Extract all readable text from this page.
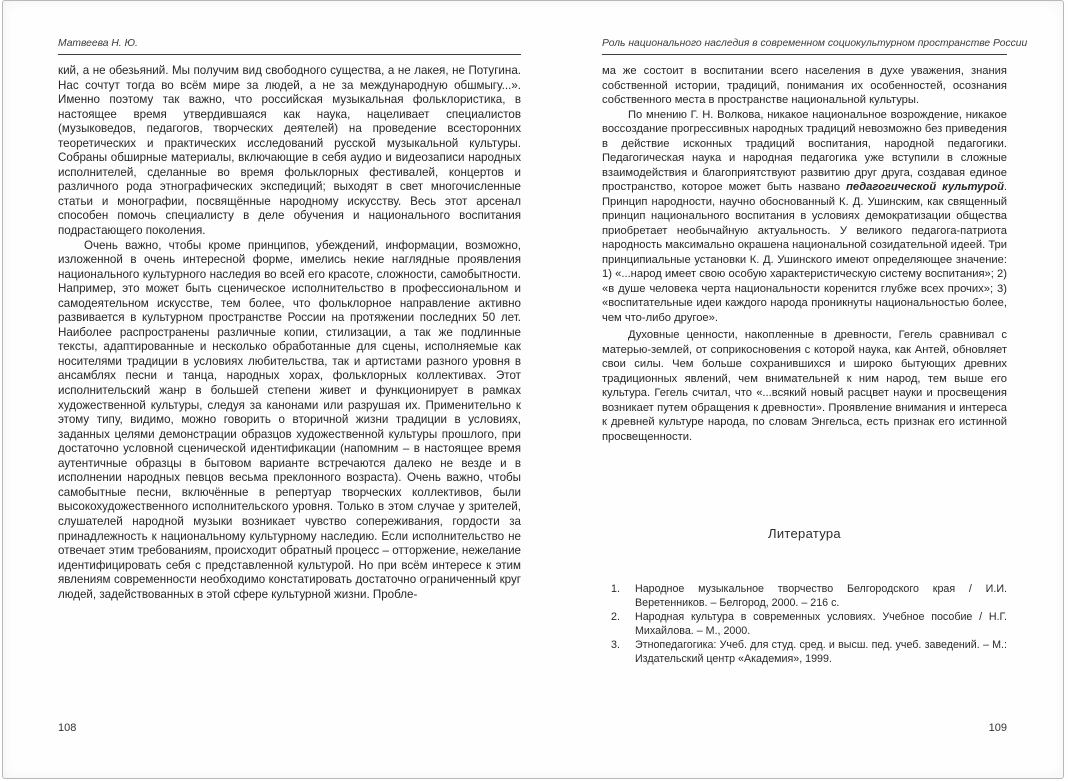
Матвеева Н. Ю.

кий, а не обезьяний. Мы получим вид свободного существа, а не лакея, не Потугина. Нас сочтут тогда во всём мире за людей, а не за международную обшмыгу...». Именно поэтому так важно, что российская музыкальная фольклористика, в настоящее время утвердившаяся как наука, нацеливает специалистов (музыковедов, педагогов, творческих деятелей) на проведение всесторонних теоретических и практических исследований русской музыкальной культуры. Собраны обширные материалы, включающие в себя аудио и видеозаписи народных исполнителей, сделанные во время фольклорных фестивалей, концертов и различного рода этнографических экспедиций; выходят в свет многочисленные статьи и монографии, посвящённые народному искусству. Весь этот арсенал способен помочь специалисту в деле обучения и национального воспитания подрастающего поколения.

Очень важно, чтобы кроме принципов, убеждений, информации, возможно, изложенной в очень интересной форме, имелись некие наглядные проявления национального культурного наследия во всей его красоте, сложности, самобытности. Например, это может быть сценическое исполнительство в профессиональном и самодеятельном искусстве, тем более, что фольклорное направление активно развивается в культурном пространстве России на протяжении последних 50 лет. Наиболее распространены различные копии, стилизации, а так же подлинные тексты, адаптированные и несколько обработанные для сцены, исполняемые как носителями традиции в условиях любительства, так и артистами разного уровня в ансамблях песни и танца, народных хорах, фольклорных коллективах. Этот исполнительский жанр в большей степени живет и функционирует в рамках художественной культуры, следуя за канонами или разрушая их. Применительно к этому типу, видимо, можно говорить о вторичной жизни традиции в условиях, заданных целями демонстрации образцов художественной культуры прошлого, при достаточно условной сценической идентификации (напомним – в настоящее время аутентичные образцы в бытовом варианте встречаются далеко не везде и в исполнении народных певцов весьма преклонного возраста). Очень важно, чтобы самобытные песни, включённые в репертуар творческих коллективов, были высокохудожественного исполнительского уровня. Только в этом случае у зрителей, слушателей народной музыки возникает чувство сопереживания, гордости за принадлежность к национальному культурному наследию. Если исполнительство не отвечает этим требованиям, происходит обратный процесс – отторжение, нежелание идентифицировать себя с представленной культурой. Но при всём интересе к этим явлениям современности необходимо констатировать достаточно ограниченный круг людей, задействованных в этой сфере культурной жизни. Пробле-

108
Роль национального наследия в современном социокультурном пространстве России

ма же состоит в воспитании всего населения в духе уважения, знания собственной истории, традиций, понимания их особенностей, осознания собственного места в пространстве национальной культуры.

По мнению Г. Н. Волкова, никакое национальное возрождение, никакое воссоздание прогрессивных народных традиций невозможно без приведения в действие исконных традиций воспитания, народной педагогики. Педагогическая наука и народная педагогика уже вступили в сложные взаимодействия и благоприятствуют развитию друг друга, создавая единое пространство, которое может быть названо педагогической культурой. Принцип народности, научно обоснованный К. Д. Ушинским, как священный принцип национального воспитания в условиях демократизации общества приобретает необычайную актуальность. У великого педагога-патриота народность максимально окрашена национальной созидательной идеей. Три принципиальные установки К. Д. Ушинского имеют определяющее значение: 1) «...народ имеет свою особую характеристическую систему воспитания»; 2) «в душе человека черта национальности коренится глубже всех прочих»; 3) «воспитательные идеи каждого народа проникнуты национальностью более, чем что-либо другое».

Духовные ценности, накопленные в древности, Гегель сравнивал с матерью-землей, от соприкосновения с которой наука, как Антей, обновляет свои силы. Чем больше сохранившихся и широко бытующих древних традиционных явлений, чем внимательней к ним народ, тем выше его культура. Гегель считал, что «...всякий новый расцвет науки и просвещения возникает путем обращения к древности». Проявление внимания и интереса к древней культуре народа, по словам Энгельса, есть признак его истинной просвещенности.

Литература
1.	Народное музыкальное творчество Белгородского края / И.И. Веретенников. – Белгород, 2000. – 216 с.
2.	Народная культура в современных условиях. Учебное пособие / Н.Г. Михайлова. – М., 2000.
3.	Этнопедагогика: Учеб. для студ. сред. и высш. пед. учеб. заведений. – М.: Издательский центр «Академия», 1999.
109
